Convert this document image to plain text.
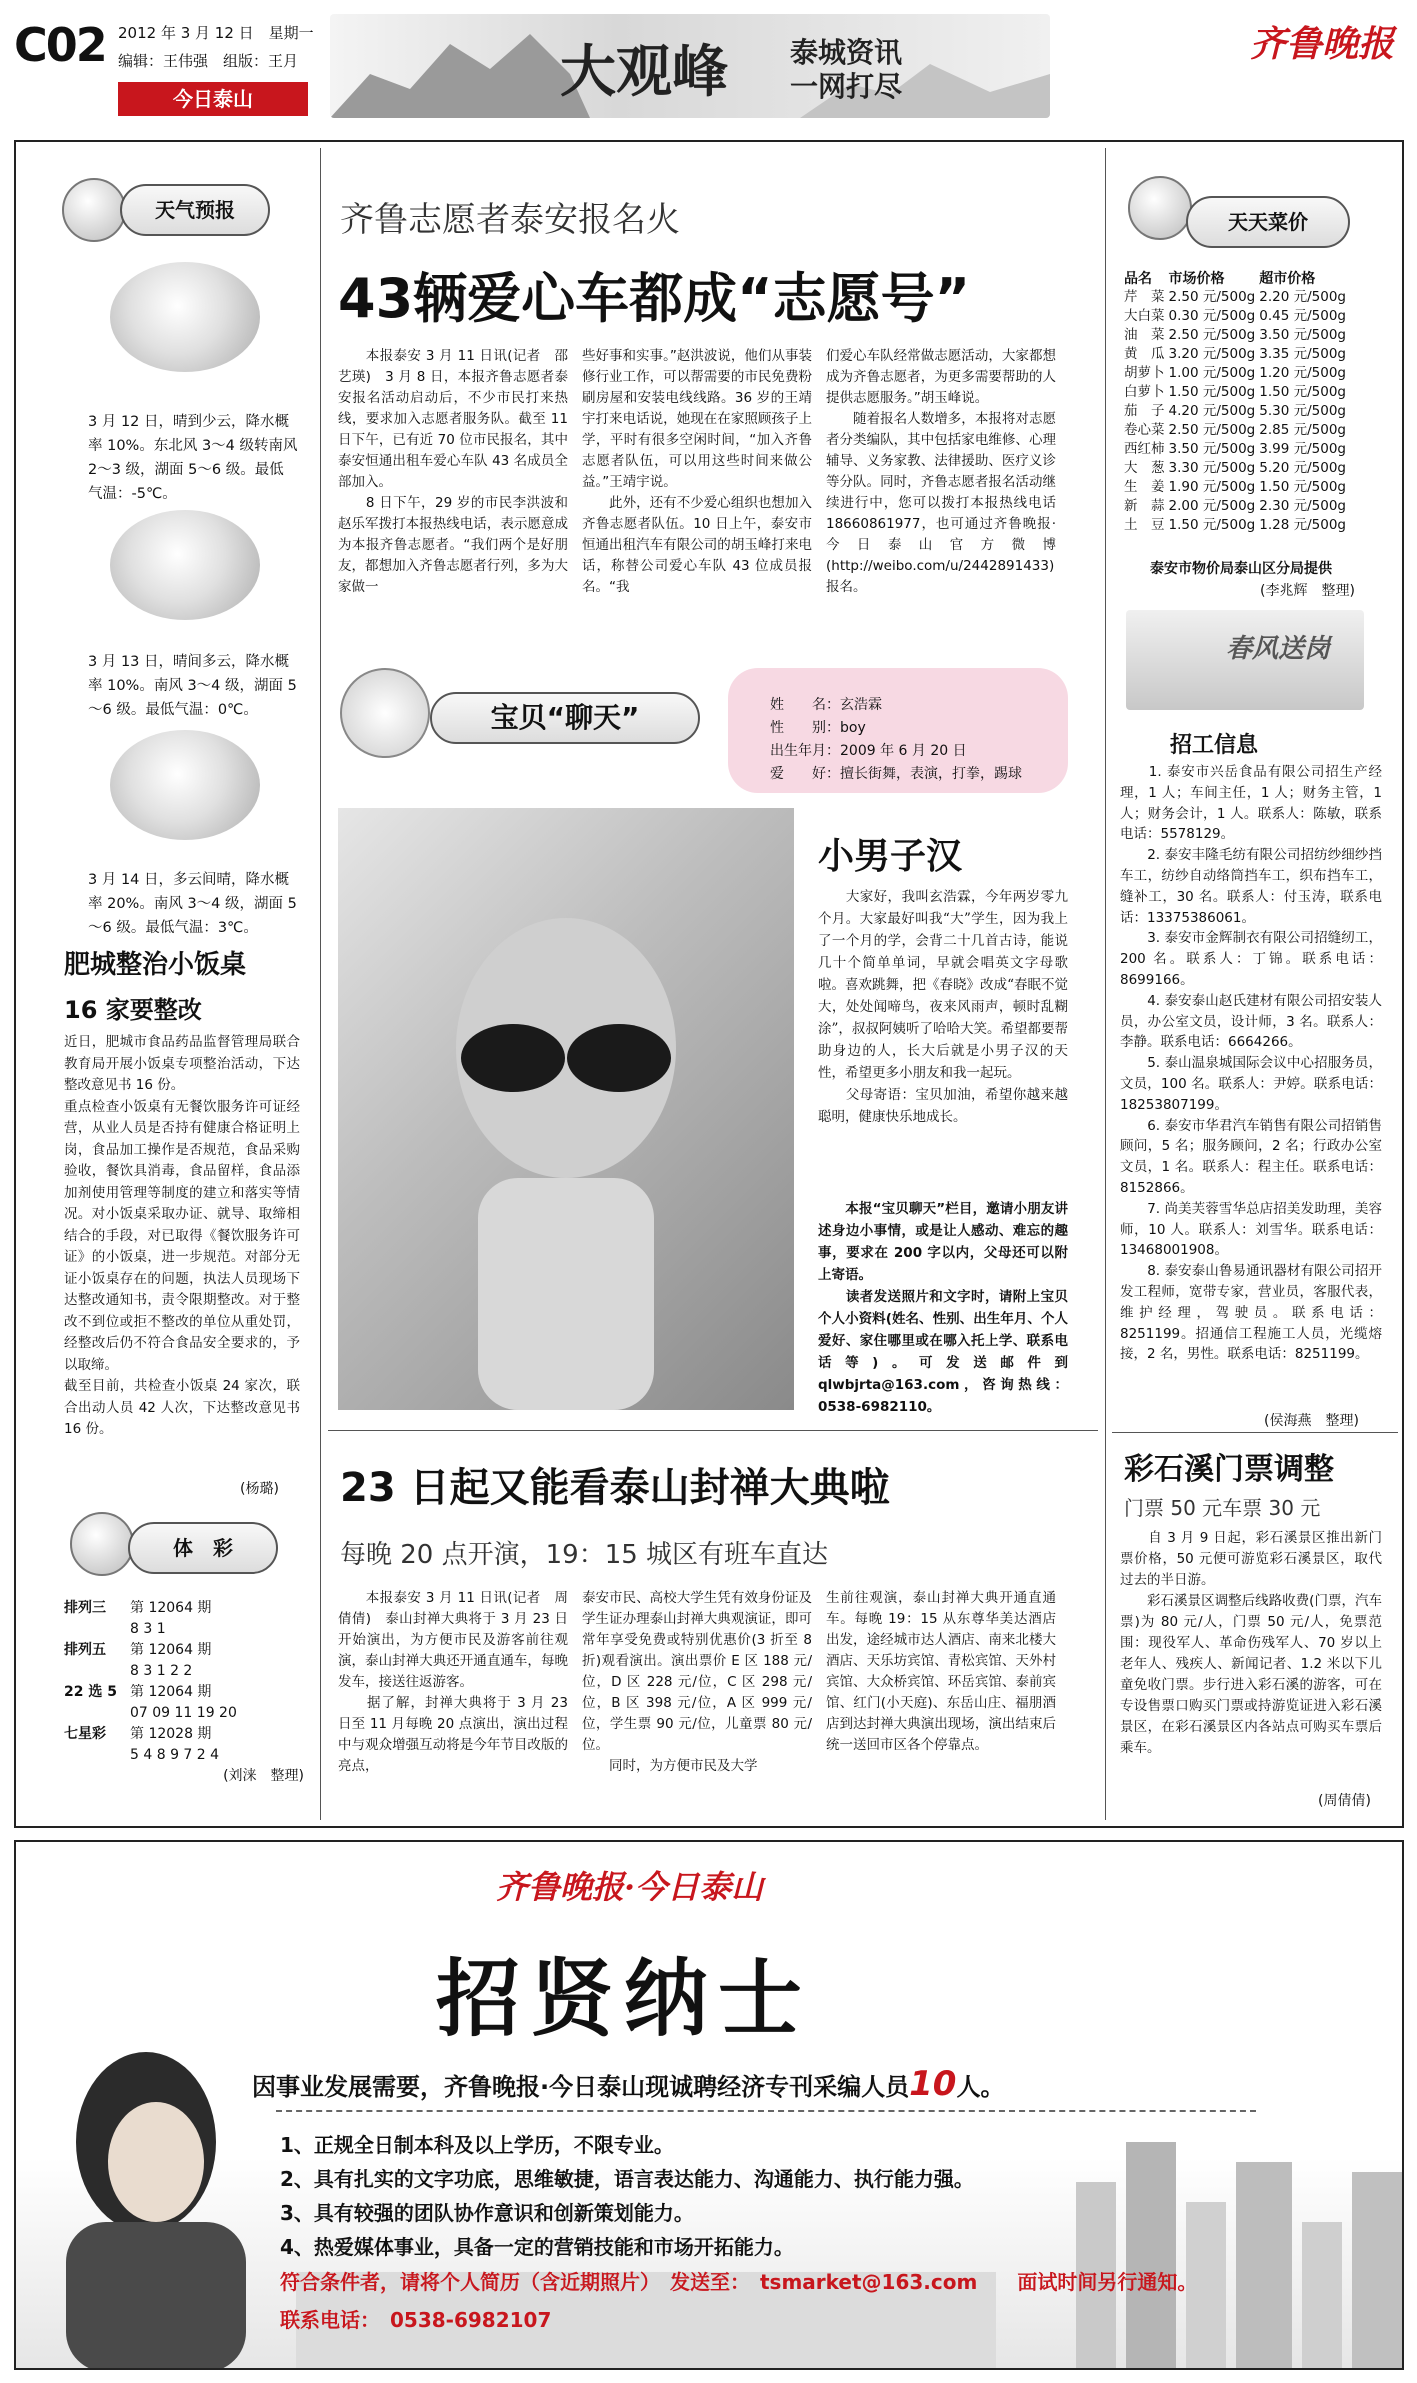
C02 2012 年 3 月 12 日　星期一
编辑：王伟强　组版：王月
今日泰山	大观峰 泰城资讯
一网打尽
齐鲁晚报
天气预报
3 月 12 日，晴到少云，降水概率 10%。东北风 3～4 级转南风 2～3 级，湖面 5～6 级。最低气温：-5℃。
3 月 13 日，晴间多云，降水概率 10%。南风 3～4 级，湖面 5～6 级。最低气温：0℃。
3 月 14 日，多云间晴，降水概率 20%。南风 3～4 级，湖面 5～6 级。最低气温：3℃。
肥城整治小饭桌
16 家要整改
近日，肥城市食品药品监督管理局联合教育局开展小饭桌专项整治活动，下达整改意见书 16 份。
重点检查小饭桌有无餐饮服务许可证经营，从业人员是否持有健康合格证明上岗，食品加工操作是否规范，食品采购验收，餐饮具消毒，食品留样，食品添加剂使用管理等制度的建立和落实等情况。对小饭桌采取办证、就导、取缔相结合的手段，对已取得《餐饮服务许可证》的小饭桌，进一步规范。对部分无证小饭桌存在的问题，执法人员现场下达整改通知书，责令限期整改。对于整改不到位或拒不整改的单位从重处罚，经整改后仍不符合食品安全要求的，予以取缔。
截至目前，共检查小饭桌 24 家次，联合出动人员 42 人次，下达整改意见书 16 份。
(杨璐)
体　彩
排列三	第 12064 期
8 3 1
排列五	第 12064 期
8 3 1 2 2
22 选 5 第 12064 期
07 09 11 19 20
七星彩	第 12028 期
5 4 8 9 7 2 4
(刘涞　整理)
齐鲁志愿者泰安报名火
43辆爱心车都成“志愿号”
　　本报泰安 3 月 11 日讯(记者　邵艺瑛)　3 月 8 日，本报齐鲁志愿者泰安报名活动启动后，不少市民打来热线，要求加入志愿者服务队。截至 11 日下午，已有近 70 位市民报名，其中泰安恒通出租车爱心车队 43 名成员全部加入。
　　8 日下午，29 岁的市民李洪波和赵乐军拨打本报热线电话，表示愿意成为本报齐鲁志愿者。“我们两个是好朋友，都想加入齐鲁志愿者行列，多为大家做一
些好事和实事。”赵洪波说，他们从事装修行业工作，可以帮需要的市民免费粉刷房屋和安装电线线路。36 岁的王靖宇打来电话说，她现在在家照顾孩子上学，平时有很多空闲时间，“加入齐鲁志愿者队伍，可以用这些时间来做公益。”王靖宇说。
　　此外，还有不少爱心组织也想加入齐鲁志愿者队伍。10 日上午，泰安市恒通出租汽车有限公司的胡玉峰打来电话，称替公司爱心车队 43 位成员报名。“我
们爱心车队经常做志愿活动，大家都想成为齐鲁志愿者，为更多需要帮助的人提供志愿服务。”胡玉峰说。
　　随着报名人数增多，本报将对志愿者分类编队，其中包括家电维修、心理辅导、义务家教、法律援助、医疗义诊等分队。同时，齐鲁志愿者报名活动继续进行中，您可以拨打本报热线电话 18660861977，也可通过齐鲁晚报·今日泰山官方微博(http://weibo.com/u/2442891433)报名。
宝贝“聊天”	姓　　名：玄浩霖
性　　别：boy
出生年月：2009 年 6 月 20 日
爱　　好：擅长街舞，表演，打拳，踢球
小男子汉
　　大家好，我叫玄浩霖，今年两岁零九个月。大家最好叫我“大”学生，因为我上了一个月的学，会背二十几首古诗，能说几十个简单单词，早就会唱英文字母歌啦。喜欢跳舞，把《春晓》改成“春眠不觉大，处处闻啼鸟，夜来风雨声，顿时乱糊涂”，叔叔阿姨听了哈哈大笑。希望都要帮助身边的人，长大后就是小男子汉的天性，希望更多小朋友和我一起玩。
　　父母寄语：宝贝加油，希望你越来越聪明，健康快乐地成长。
　　本报“宝贝聊天”栏目，邀请小朋友讲述身边小事情，或是让人感动、难忘的趣事，要求在 200 字以内，父母还可以附上寄语。
　　读者发送照片和文字时，请附上宝贝个人小资料(姓名、性别、出生年月、个人爱好、家住哪里或在哪入托上学、联系电话等)。可发送邮件到 qlwbjrta@163.com，咨询热线：0538-6982110。
23 日起又能看泰山封禅大典啦
每晚 20 点开演，19：15 城区有班车直达
　　本报泰安 3 月 11 日讯(记者　周倩倩)　泰山封禅大典将于 3 月 23 日开始演出，为方便市民及游客前往观演，泰山封禅大典还开通直通车，每晚发车，接送往返游客。
　　据了解，封禅大典将于 3 月 23 日至 11 月每晚 20 点演出，演出过程中与观众增强互动将是今年节目改版的亮点，
泰安市民、高校大学生凭有效身份证及学生证办理泰山封禅大典观演证，即可常年享受免费或特别优惠价(3 折至 8 折)观看演出。演出票价 E 区 188 元/位，D 区 228 元/位，C 区 298 元/位，B 区 398 元/位，A 区 999 元/位，学生票 90 元/位，儿童票 80 元/位。
　　同时，为方便市民及大学
生前往观演，泰山封禅大典开通直通车。每晚 19：15 从东尊华美达酒店出发，途经城市达人酒店、南来北楼大酒店、天乐坊宾馆、青松宾馆、天外村宾馆、大众桥宾馆、环岳宾馆、泰前宾馆、红门(小天庭)、东岳山庄、福朋酒店到达封禅大典演出现场，演出结束后统一送回市区各个停靠点。
天天菜价
品名	市场价格	超市价格
芹　菜	2.50 元/500g	2.20 元/500g
大白菜	0.30 元/500g	0.45 元/500g
油　菜	2.50 元/500g	3.50 元/500g
黄　瓜	3.20 元/500g	3.35 元/500g
胡萝卜	1.00 元/500g	1.20 元/500g
白萝卜	1.50 元/500g	1.50 元/500g
茄　子	4.20 元/500g	5.30 元/500g
卷心菜	2.50 元/500g	2.85 元/500g
西红柿	3.50 元/500g	3.99 元/500g
大　葱	3.30 元/500g	5.20 元/500g
生　姜	1.90 元/500g	1.50 元/500g
新　蒜	2.00 元/500g	2.30 元/500g
土　豆	1.50 元/500g	1.28 元/500g
泰安市物价局泰山区分局提供
(李兆辉　整理)
春风送岗
招工信息
　　1. 泰安市兴岳食品有限公司招生产经理，1 人；车间主任，1 人；财务主管，1 人；财务会计，1 人。联系人：陈敏，联系电话：5578129。
　　2. 泰安丰隆毛纺有限公司招纺纱细纱挡车工，纺纱自动络筒挡车工，织布挡车工，缝补工，30 名。联系人：付玉涛，联系电话：13375386061。
　　3. 泰安市金辉制衣有限公司招缝纫工，200 名。联系人：丁锦。联系电话：8699166。
　　4. 泰安泰山赵氏建材有限公司招安装人员，办公室文员，设计师，3 名。联系人：李静。联系电话：6664266。
　　5. 泰山温泉城国际会议中心招服务员，文员，100 名。联系人：尹婷。联系电话：18253807199。
　　6. 泰安市华君汽车销售有限公司招销售顾问，5 名；服务顾问，2 名；行政办公室文员，1 名。联系人：程主任。联系电话：8152866。
　　7. 尚美芙蓉雪华总店招美发助理，美容师，10 人。联系人：刘雪华。联系电话：13468001908。
　　8. 泰安泰山鲁易通讯器材有限公司招开发工程师，宽带专家，营业员，客服代表，维护经理，驾驶员。联系电话：8251199。招通信工程施工人员，光缆熔接，2 名，男性。联系电话：8251199。
(侯海燕　整理)
彩石溪门票调整
门票 50 元车票 30 元
　　自 3 月 9 日起，彩石溪景区推出新门票价格，50 元便可游览彩石溪景区，取代过去的半日游。
　　彩石溪景区调整后线路收费(门票，汽车票)为 80 元/人，门票 50 元/人，免票范围：现役军人、革命伤残军人、70 岁以上老年人、残疾人、新闻记者、1.2 米以下儿童免收门票。步行进入彩石溪的游客，可在专设售票口购买门票或持游览证进入彩石溪景区，在彩石溪景区内各站点可购买车票后乘车。
(周倩倩)
齐鲁晚报·今日泰山
招贤纳士
因事业发展需要，齐鲁晚报·今日泰山现诚聘经济专刊采编人员10人。
1、正规全日制本科及以上学历，不限专业。
2、具有扎实的文字功底，思维敏捷，语言表达能力、沟通能力、执行能力强。
3、具有较强的团队协作意识和创新策划能力。
4、热爱媒体事业，具备一定的营销技能和市场开拓能力。
符合条件者，请将个人简历（含近期照片）　发送至：　tsmarket@163.com　　面试时间另行通知。
联系电话：　0538-6982107
